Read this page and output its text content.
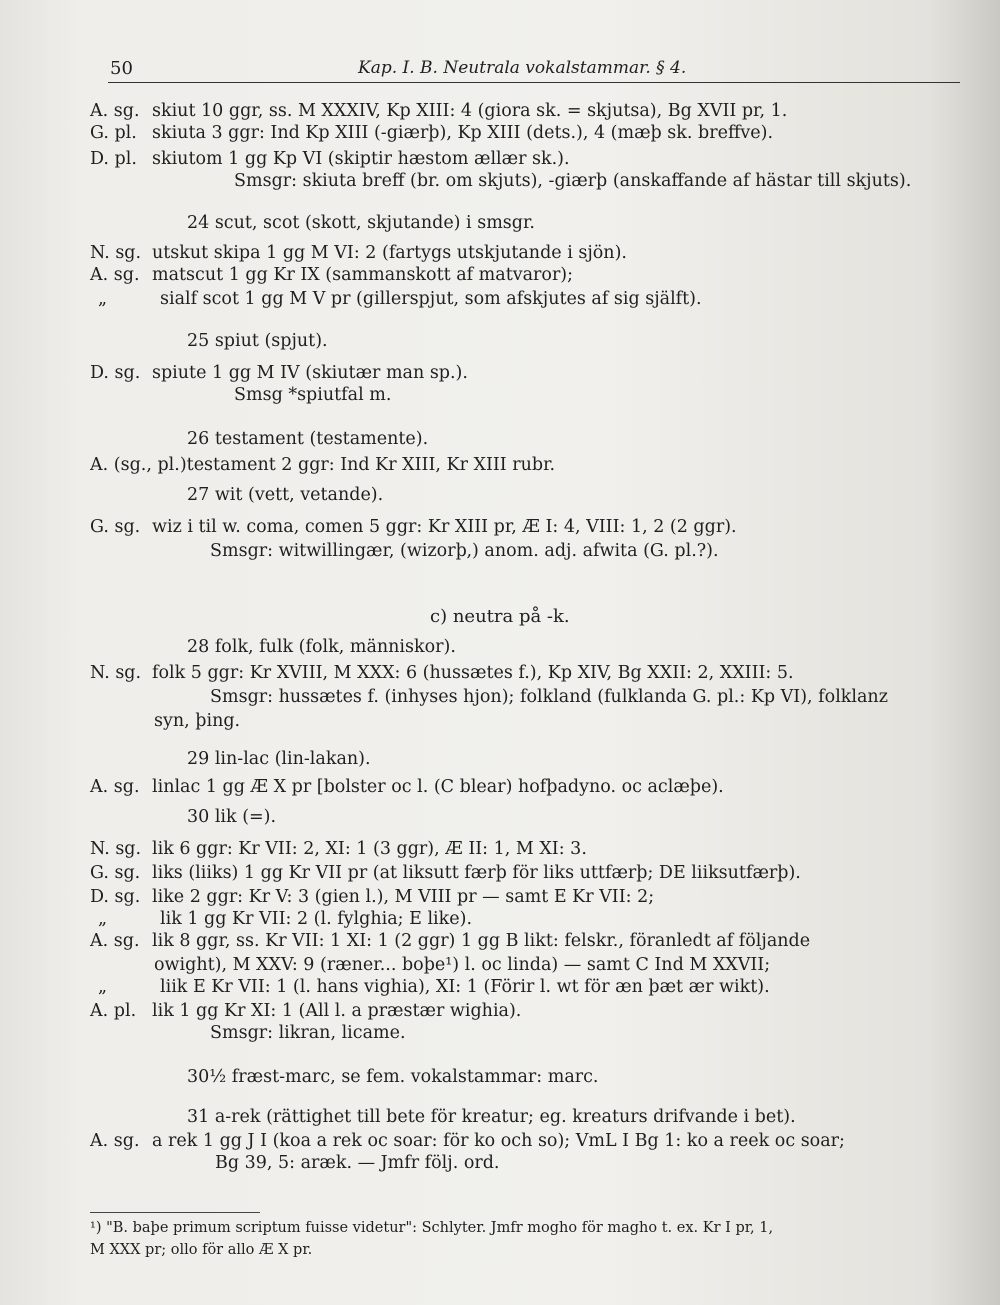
50	Kap. I. B. Neutrala vokalstammar. § 4.
A. sg. skiut 10 ggr, ss. M XXXIV, Kp XIII: 4 (giora sk. = skjutsa), Bg XVII pr, 1.
G. pl. skiuta 3 ggr: Ind Kp XIII (-giærþ), Kp XIII (dets.), 4 (mæþ sk. breffve).
D. pl. skiutom 1 gg Kp VI (skiptir hæstom ællær sk.).
Smsgr: skiuta breff (br. om skjuts), -giærþ (anskaffande af hästar till skjuts).
24 scut, scot (skott, skjutande) i smsgr.
N. sg. utskut skipa 1 gg M VI: 2 (fartygs utskjutande i sjön).
A. sg. matscut 1 gg Kr IX (sammanskott af matvaror);
„	sialf scot 1 gg M V pr (gillerspjut, som afskjutes af sig själft).
25 spiut (spjut).
D. sg. spiute 1 gg M IV (skiutær man sp.).
Smsg *spiutfal m.
26 testament (testamente).
A. (sg., pl.)testament 2 ggr: Ind Kr XIII, Kr XIII rubr.
27 wit (vett, vetande).
G. sg. wiz i til w. coma, comen 5 ggr: Kr XIII pr, Æ I: 4, VIII: 1, 2 (2 ggr).
Smsgr: witwillingær, (wizorþ,) anom. adj. afwita (G. pl.?).
28 folk, fulk (folk, människor).
N. sg. folk 5 ggr: Kr XVIII, M XXX: 6 (hussætes f.), Kp XIV, Bg XXII: 2, XXIII: 5.
Smsgr: hussætes f. (inhyses hjon); folkland (fulklanda G. pl.: Kp VI), folklanz
syn, þing.
29 lin-lac (lin-lakan).
A. sg. linlac 1 gg Æ X pr [bolster oc l. (C blear) hofþadyno. oc aclæþe).
30 lik (=).
N. sg. lik 6 ggr: Kr VII: 2, XI: 1 (3 ggr), Æ II: 1, M XI: 3.
G. sg. liks (liiks) 1 gg Kr VII pr (at liksutt færþ för liks uttfærþ; DE liiksutfærþ).
D. sg. like 2 ggr: Kr V: 3 (gien l.), M VIII pr — samt E Kr VII: 2;
„	lik 1 gg Kr VII: 2 (l. fylghia; E like).
A. sg. lik 8 ggr, ss. Kr VII: 1 XI: 1 (2 ggr) 1 gg B likt: felskr., föranledt af följande
owight), M XXV: 9 (ræner... boþe¹) l. oc linda) — samt C Ind M XXVII;
„	liik E Kr VII: 1 (l. hans vighia), XI: 1 (Förir l. wt för æn þæt ær wikt).
A. pl. lik 1 gg Kr XI: 1 (All l. a præstær wighia).
Smsgr: likran, licame.
30½ fræst-marc, se fem. vokalstammar: marc.
31 a-rek (rättighet till bete för kreatur; eg. kreaturs drifvande i bet).
A. sg. a rek 1 gg J I (koa a rek oc soar: för ko och so); VmL I Bg 1: ko a reek oc soar;
Bg 39, 5: aræk. — Jmfr följ. ord.
c) neutra på -k.
¹) "B. baþe primum scriptum fuisse videtur": Schlyter. Jmfr mogho för magho t. ex. Kr I pr, 1,
M XXX pr; ollo för allo Æ X pr.
